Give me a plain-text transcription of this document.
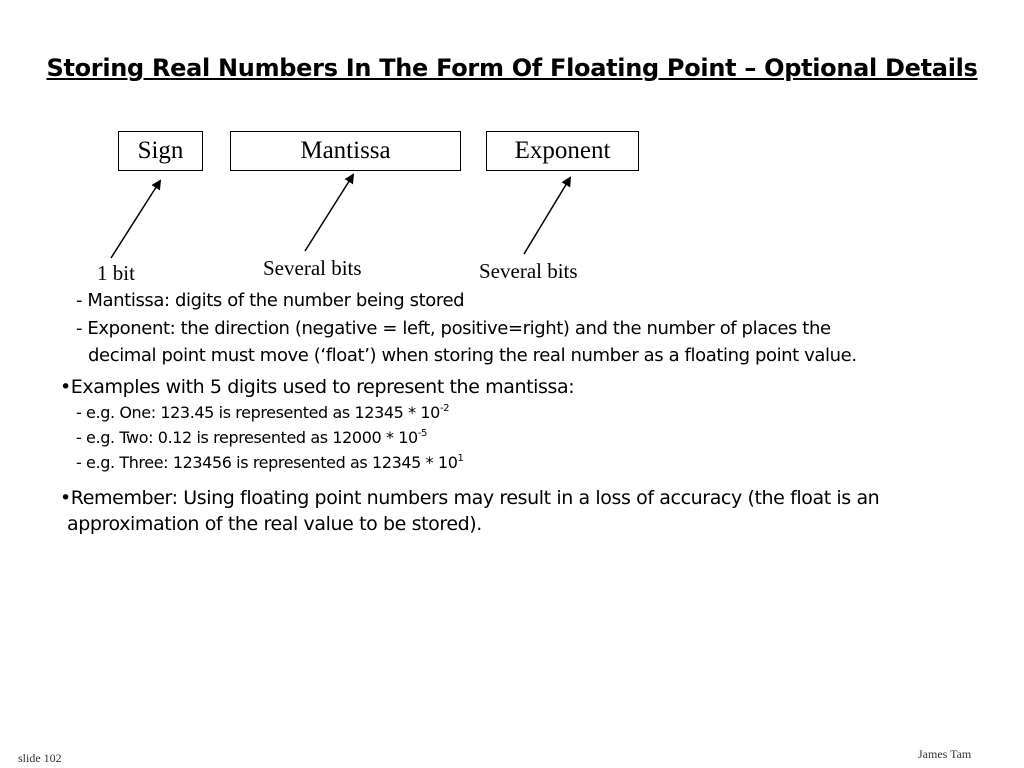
Storing Real Numbers In The Form Of Floating Point – Optional Details
Sign	Mantissa	Exponent
1 bit	Several bits	Several bits
- Mantissa: digits of the number being stored
- Exponent: the direction (negative = left, positive=right) and the number of places the
decimal point must move (‘float’) when storing the real number as a floating point value.
•Examples with 5 digits used to represent the mantissa:
- e.g. One: 123.45 is represented as $12345 * 10^{-2}$
- e.g. Two: 0.12 is represented as $12000 * 10^{-5}$
- e.g. Three: 123456 is represented as $12345 * 10^1$
•Remember: Using floating point numbers may result in a loss of accuracy (the float is an
approximation of the real value to be stored).
slide 102	James Tam
